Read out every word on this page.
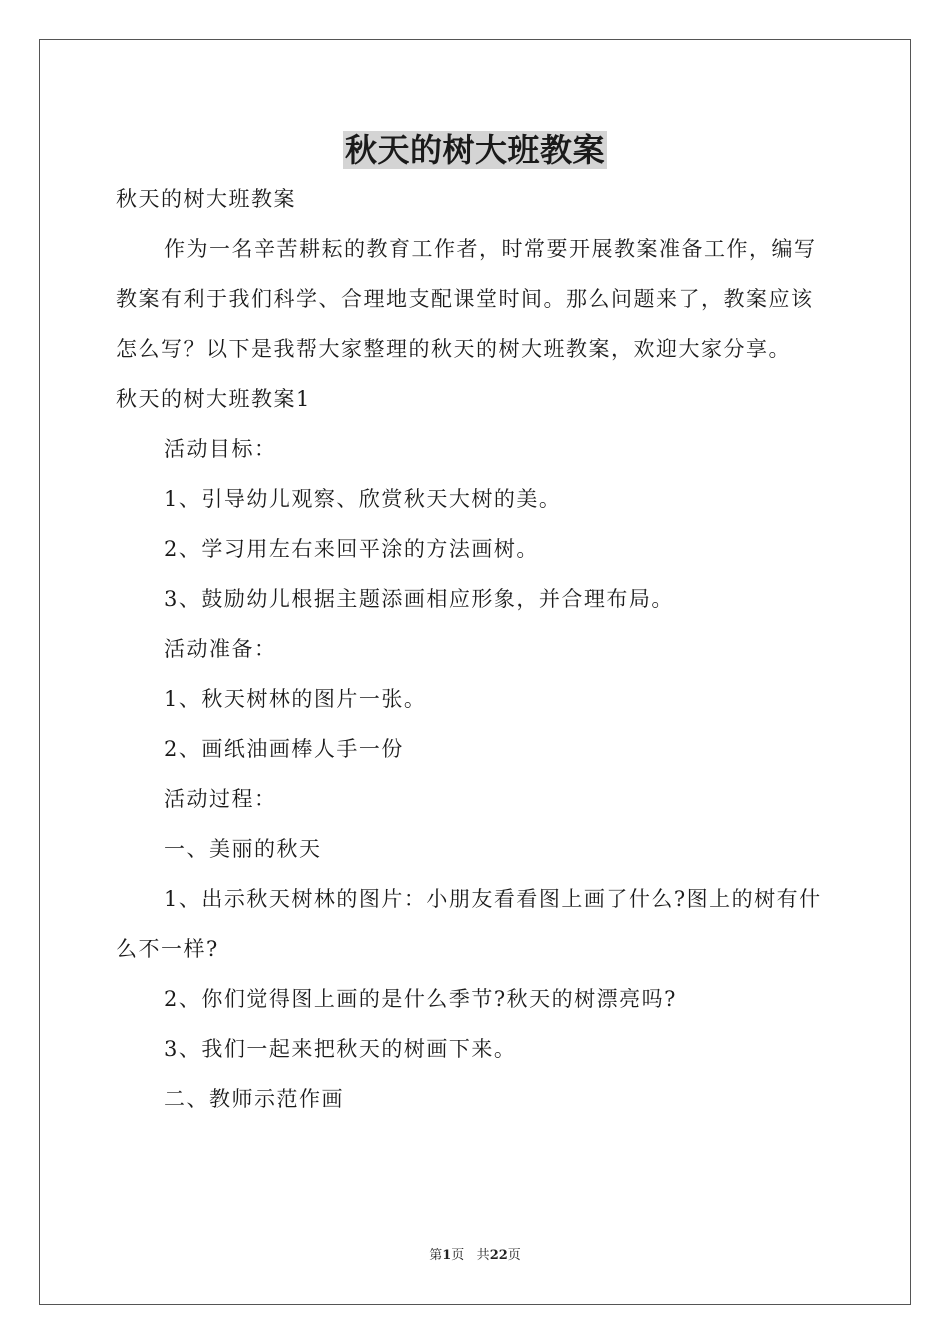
秋天的树大班教案

秋天的树大班教案

作为一名辛苦耕耘的教育工作者，时常要开展教案准备工作，编写教案有利于我们科学、合理地支配课堂时间。那么问题来了，教案应该怎么写？以下是我帮大家整理的秋天的树大班教案，欢迎大家分享。

秋天的树大班教案1

活动目标：

1、引导幼儿观察、欣赏秋天大树的美。

2、学习用左右来回平涂的方法画树。

3、鼓励幼儿根据主题添画相应形象，并合理布局。

活动准备：

1、秋天树林的图片一张。

2、画纸油画棒人手一份

活动过程：

一、美丽的秋天

1、出示秋天树林的图片：小朋友看看图上画了什么?图上的树有什么不一样?

2、你们觉得图上画的是什么季节?秋天的树漂亮吗?

3、我们一起来把秋天的树画下来。

二、教师示范作画

第1页 共22页
